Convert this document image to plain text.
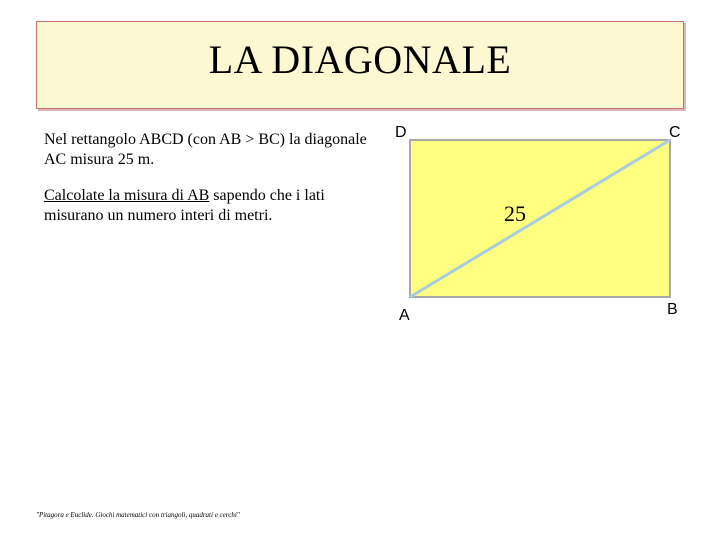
LA DIAGONALE
Nel rettangolo ABCD (con AB > BC) la diagonale AC misura 25 m.
Calcolate la misura di AB sapendo che i lati misurano un numero interi di metri.
D	C
A	B
25
"Pitagora e Euclide. Giochi matematici con triangoli, quadrati e cerchi"
